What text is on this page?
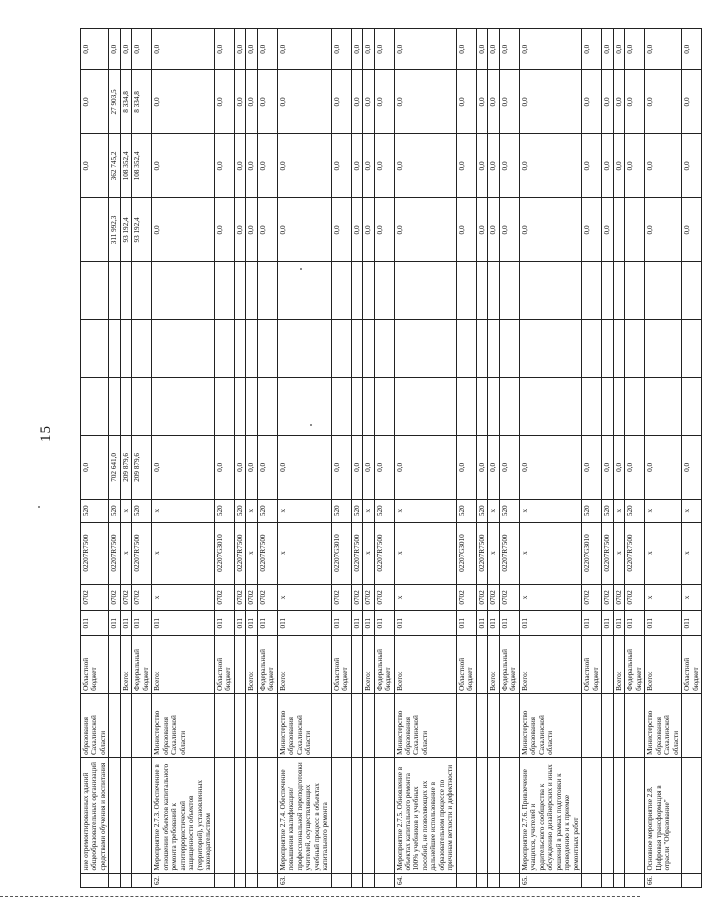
15
	ние отремонтированных зданий общеобразовательных организаций средствами обучения и воспитания	образования Сахалинской области	Областной бюджет	011	0702	02207R7500	520	0,0					0,0	0,0	0,0
				011	0702	02207R7500	520	702 641,0				311 992,3	362 745,2	27 903,5	0,0
			Всего:	011	0702	х	х	209 879,6				93 192,4	108 352,4	8 334,8	0,0
			Федеральный бюджет	011	0702	02207R7500	520	209 879,6				93 192,4	108 352,4	8 334,8	0,0
62.	Мероприятие 2.7.3. Обеспечение в отношении объектов капитального ремонта требований к антитеррористической защищенности объектов (территорий), установленных законодательством	Министерство образования Сахалинской области	Всего:	011	х	х	х	0,0				0,0	0,0	0,0	0,0
			Областной бюджет	011	0702	02207G3010	520	0,0				0,0	0,0	0,0	0,0
				011	0702	02207R7500	520	0,0				0,0	0,0	0,0	0,0
			Всего:	011	0702	х	х	0,0				0,0	0,0	0,0	0,0
			Федеральный бюджет	011	0702	02207R7500	520	0,0				0,0	0,0	0,0	0,0
63.	Мероприятие 2.7.4. Обеспечение повышения квалификации/профессиональной переподготовки учителей, осуществляющих учебный процесс в объектах капитального ремонта	Министерство образования Сахалинской области	Всего:	011	х	х	х	0,0				0,0	0,0	0,0	0,0
			Областной бюджет	011	0702	02207G3010	520	0,0				0,0	0,0	0,0	0,0
				011	0702	02207R7500	520	0,0				0,0	0,0	0,0	0,0
			Всего:	011	0702	х	х	0,0				0,0	0,0	0,0	0,0
			Федеральный бюджет	011	0702	02207R7500	520	0,0				0,0	0,0	0,0	0,0
64.	Мероприятие 2.7.5. Обновление в объектах капитального ремонта 100% учебников и учебных пособий, не позволяющих их дальнейшее использование в образовательном процессе по причинам ветхости и дефектности	Министерство образования Сахалинской области	Всего:	011	х	х	х	0,0				0,0	0,0	0,0	0,0
			Областной бюджет	011	0702	02207G3010	520	0,0				0,0	0,0	0,0	0,0
				011	0702	02207R7500	520	0,0				0,0	0,0	0,0	0,0
			Всего:	011	0702	х	х	0,0				0,0	0,0	0,0	0,0
			Федеральный бюджет	011	0702	02207R7500	520	0,0				0,0	0,0	0,0	0,0
65.	Мероприятие 2.7.6. Привлечение учащихся, учителей и родительского сообщества к обсуждению дизайнерских и иных решений в рамках подготовки к проведению и к приемке ремонтных работ	Министерство образования Сахалинской области	Всего:	011	х	х	х	0,0				0,0	0,0	0,0	0,0
			Областной бюджет	011	0702	02207G3010	520	0,0				0,0	0,0	0,0	0,0
				011	0702	02207R7500	520	0,0				0,0	0,0	0,0	0,0
			Всего:	011	0702	х	х	0,0					0,0	0,0	0,0
			Федеральный бюджет	011	0702	02207R7500	520	0,0					0,0	0,0	0,0
66.	Основное мероприятие 2.8. Цифровая трансформация в отрасли "Образование"	Министерство образования Сахалинской области	Всего:	011	х	х	х	0,0				0,0	0,0	0,0	0,0
			Областной бюджет	011	х	х	х	0,0				0,0	0,0	0,0	0,0
